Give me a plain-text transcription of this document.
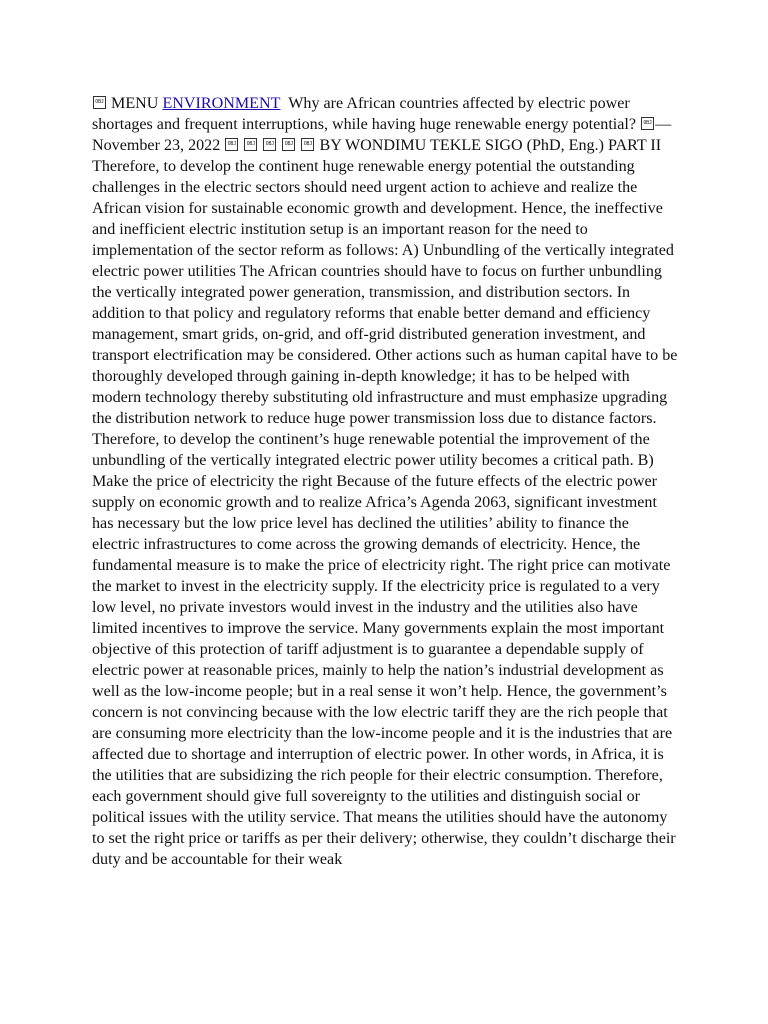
OBJ MENU ENVIRONMENT Why are African countries affected by electric power shortages and frequent interruptions, while having huge renewable energy potential? OBJ — November 23, 2022 OBJ OBJ OBJ OBJ OBJ	BY WONDIMU TEKLE SIGO (PhD, Eng.) PART II Therefore, to develop the continent huge renewable energy potential the outstanding challenges in the electric sectors should need urgent action to achieve and realize the African vision for sustainable economic growth and development. Hence, the ineffective and inefficient electric institution setup is an important reason for the need to implementation of the sector reform as follows: A) Unbundling of the vertically integrated electric power utilities The African countries should have to focus on further unbundling the vertically integrated power generation, transmission, and distribution sectors. In addition to that policy and regulatory reforms that enable better demand and efficiency management, smart grids, on-grid, and off-grid distributed generation investment, and transport electrification may be considered. Other actions such as human capital have to be thoroughly developed through gaining in-depth knowledge; it has to be helped with modern technology thereby substituting old infrastructure and must emphasize upgrading the distribution network to reduce huge power transmission loss due to distance factors. Therefore, to develop the continent’s huge renewable potential the improvement of the unbundling of the vertically integrated electric power utility becomes a critical path. B) Make the price of electricity the right Because of the future effects of the electric power supply on economic growth and to realize Africa’s Agenda 2063, significant investment has necessary but the low price level has declined the utilities’ ability to finance the electric infrastructures to come across the growing demands of electricity. Hence, the fundamental measure is to make the price of electricity right. The right price can motivate the market to invest in the electricity supply. If the electricity price is regulated to a very low level, no private investors would invest in the industry and the utilities also have limited incentives to improve the service. Many governments explain the most important objective of this protection of tariff adjustment is to guarantee a dependable supply of electric power at reasonable prices, mainly to help the nation’s industrial development as well as the low-income people; but in a real sense it won’t help. Hence, the government’s concern is not convincing because with the low electric tariff they are the rich people that are consuming more electricity than the low-income people and it is the industries that are affected due to shortage and interruption of electric power. In other words, in Africa, it is the utilities that are subsidizing the rich people for their electric consumption. Therefore, each government should give full sovereignty to the utilities and distinguish social or political issues with the utility service. That means the utilities should have the autonomy to set the right price or tariffs as per their delivery; otherwise, they couldn’t discharge their duty and be accountable for their weak
